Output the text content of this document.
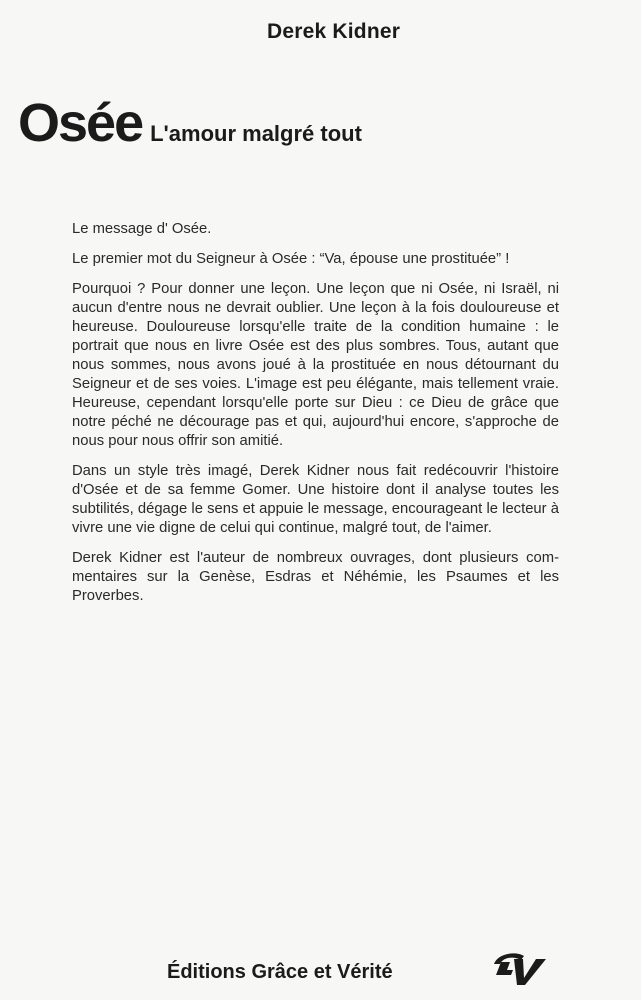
Derek Kidner
Osée L'amour malgré tout

Le message d' Osée.

Le premier mot du Seigneur à Osée : “Va, épouse une prostituée” !

Pourquoi ? Pour donner une leçon. Une leçon que ni Osée, ni Israël, ni aucun d'entre nous ne devrait oublier. Une leçon à la fois douloureuse et heureuse. Douloureuse lorsqu'elle traite de la condition humaine : le portrait que nous en livre Osée est des plus sombres. Tous, autant que nous sommes, nous avons joué à la prostituée en nous détournant du Seigneur et de ses voies. L'image est peu élégante, mais tellement vraie. Heureuse, cependant lorsqu'elle porte sur Dieu : ce Dieu de grâce que notre péché ne décourage pas et qui, aujourd'hui encore, s'approche de nous pour nous offrir son amitié.

Dans un style très imagé, Derek Kidner nous fait redécouvrir l'histoire d'Osée et de sa femme Gomer. Une histoire dont il analyse toutes les subtilités, dégage le sens et appuie le message, encourageant le lecteur à vivre une vie digne de celui qui continue, malgré tout, de l'aimer.

Derek Kidner est l'auteur de nombreux ouvrages, dont plusieurs commentaires sur la Genèse, Esdras et Néhémie, les Psaumes et les Proverbes.

Éditions Grâce et Vérité
